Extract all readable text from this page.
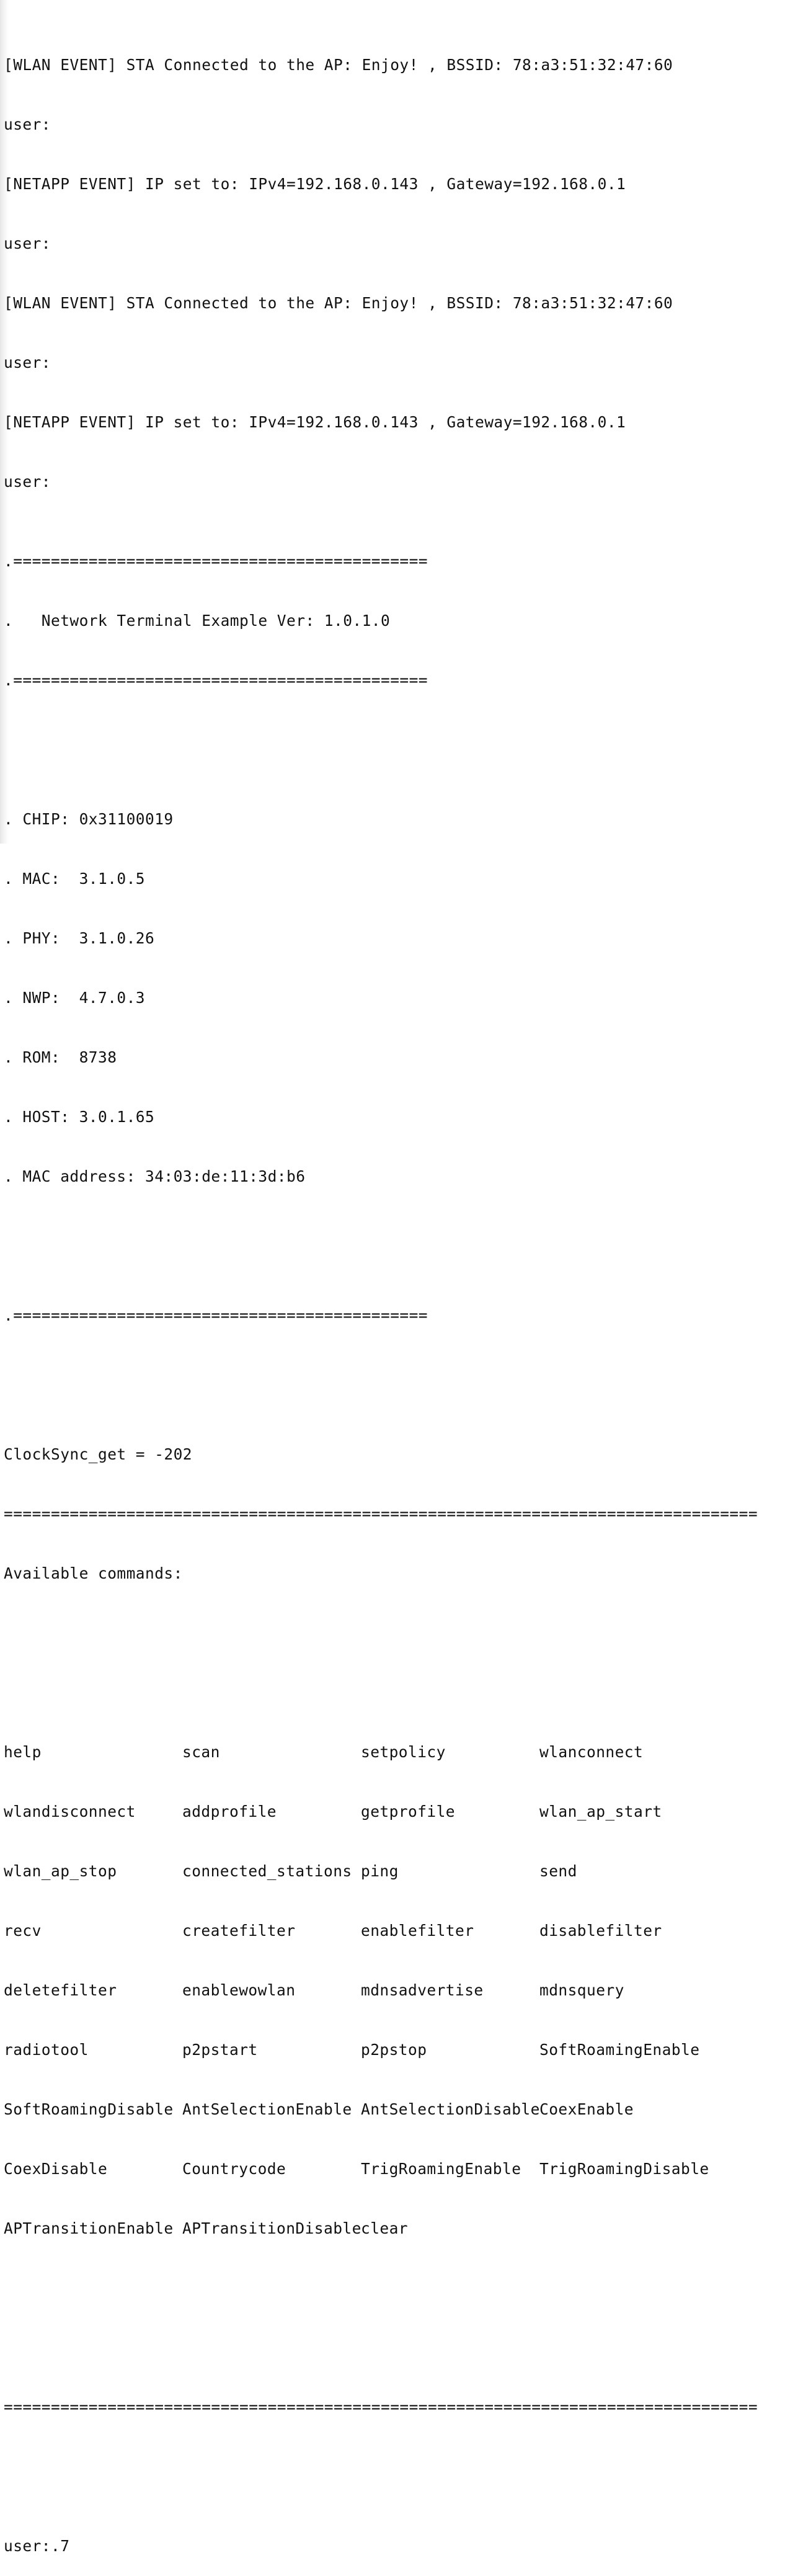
[WLAN EVENT] STA Connected to the AP: Enjoy! , BSSID: 78:a3:51:32:47:60

user:

[NETAPP EVENT] IP set to: IPv4=192.168.0.143 , Gateway=192.168.0.1

user:

[WLAN EVENT] STA Connected to the AP: Enjoy! , BSSID: 78:a3:51:32:47:60

user:

[NETAPP EVENT] IP set to: IPv4=192.168.0.143 , Gateway=192.168.0.1

user:

.============================================

.   Network Terminal Example Ver: 1.0.1.0

.============================================

. CHIP: 0x31100019

. MAC:  3.1.0.5

. PHY:  3.1.0.26

. NWP:  4.7.0.3

. ROM:  8738

. HOST: 3.0.1.65

. MAC address: 34:03:de:11:3d:b6

.============================================

ClockSync_get = -202

================================================================================

Available commands:

help	scan	setpolicy	wlanconnect

wlandisconnect	addprofile	getprofile	wlan_ap_start

wlan_ap_stop	connected_stations ping	send

recv	createfilter	enablefilter	disablefilter

deletefilter	enablewowlan	mdnsadvertise	mdnsquery

radiotool	p2pstart	p2pstop	SoftRoamingEnable

SoftRoamingDisable AntSelectionEnable AntSelectionDisable CoexEnable

CoexDisable	Countrycode	TrigRoamingEnable	TrigRoamingDisable

APTransitionEnable APTransitionDisable clear

================================================================================

user:.7
